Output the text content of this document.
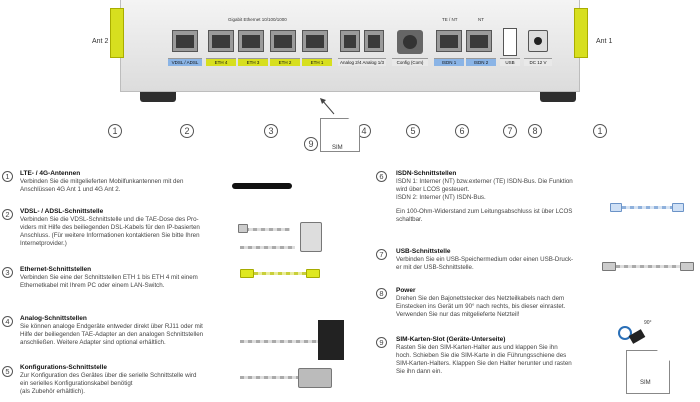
Ant 2	Ant 1
Gigabit Ethernet 10/100/1000	TE / NT	NT
VDSL / ADSL	ETH 4	ETH 3	ETH 2	ETH 1	Analog 2/4 Analog 1/3	Config (Com)	ISDN 1	ISDN 2	USB	DC 12 V
1	2	3	4	5	6	7	8	1
9	SIM
1	LTE- / 4G-Antennen

Verbinden Sie die mitgelieferten Mobilfunkantennen mit den

Anschlüssen 4G Ant 1 und 4G Ant 2.

2	VDSL- / ADSL-Schnittstelle

Verbinden Sie die VDSL-Schnittstelle und die TAE-Dose des Pro-

viders mit Hilfe des beiliegenden DSL-Kabels für den IP-basierten

Anschluss. (Für weitere Informationen kontaktieren Sie bitte Ihren

Internetprovider.)

3	Ethernet-Schnittstellen

Verbinden Sie eine der Schnittstellen ETH 1 bis ETH 4 mit einem

Ethernetkabel mit Ihrem PC oder einem LAN-Switch.

4	Analog-Schnittstellen

Sie können analoge Endgeräte entweder direkt über RJ11 oder mit

Hilfe der beiliegenden TAE-Adapter an den analogen Schnittstellen

anschließen. Weitere Adapter sind optional erhältlich.

5	Konfigurations-Schnittstelle

Zur Konfiguration des Gerätes über die serielle Schnittstelle wird

ein serielles Konfigurationskabel benötigt

(als Zubehör erhältlich).

6	ISDN-Schnittstellen

ISDN 1: Interner (NT) bzw.externer (TE) ISDN-Bus. Die Funktion

wird über LCOS gesteuert.

ISDN 2: Interner (NT) ISDN-Bus.

Ein 100-Ohm-Widerstand zum Leitungsabschluss ist über LCOS

schaltbar.

7	USB-Schnittstelle

Verbinden Sie ein USB-Speichermedium oder einen USB-Druck-

er mit der USB-Schnittstelle.

8	Power

Drehen Sie den Bajonettstecker des Netzteilkabels nach dem

Einstecken ins Gerät um 90° nach rechts, bis dieser einrastet.

Verwenden Sie nur das mitgelieferte Netzteil!

9	SIM-Karten-Slot (Geräte-Unterseite)

Rasten Sie den SIM-Karten-Halter aus und klappen Sie ihn

hoch. Schieben Sie die SIM-Karte in die Führungsschiene des

SIM-Karten-Halters. Klappen Sie den Halter herunter und rasten

Sie ihn dann ein.

90°
SIM
